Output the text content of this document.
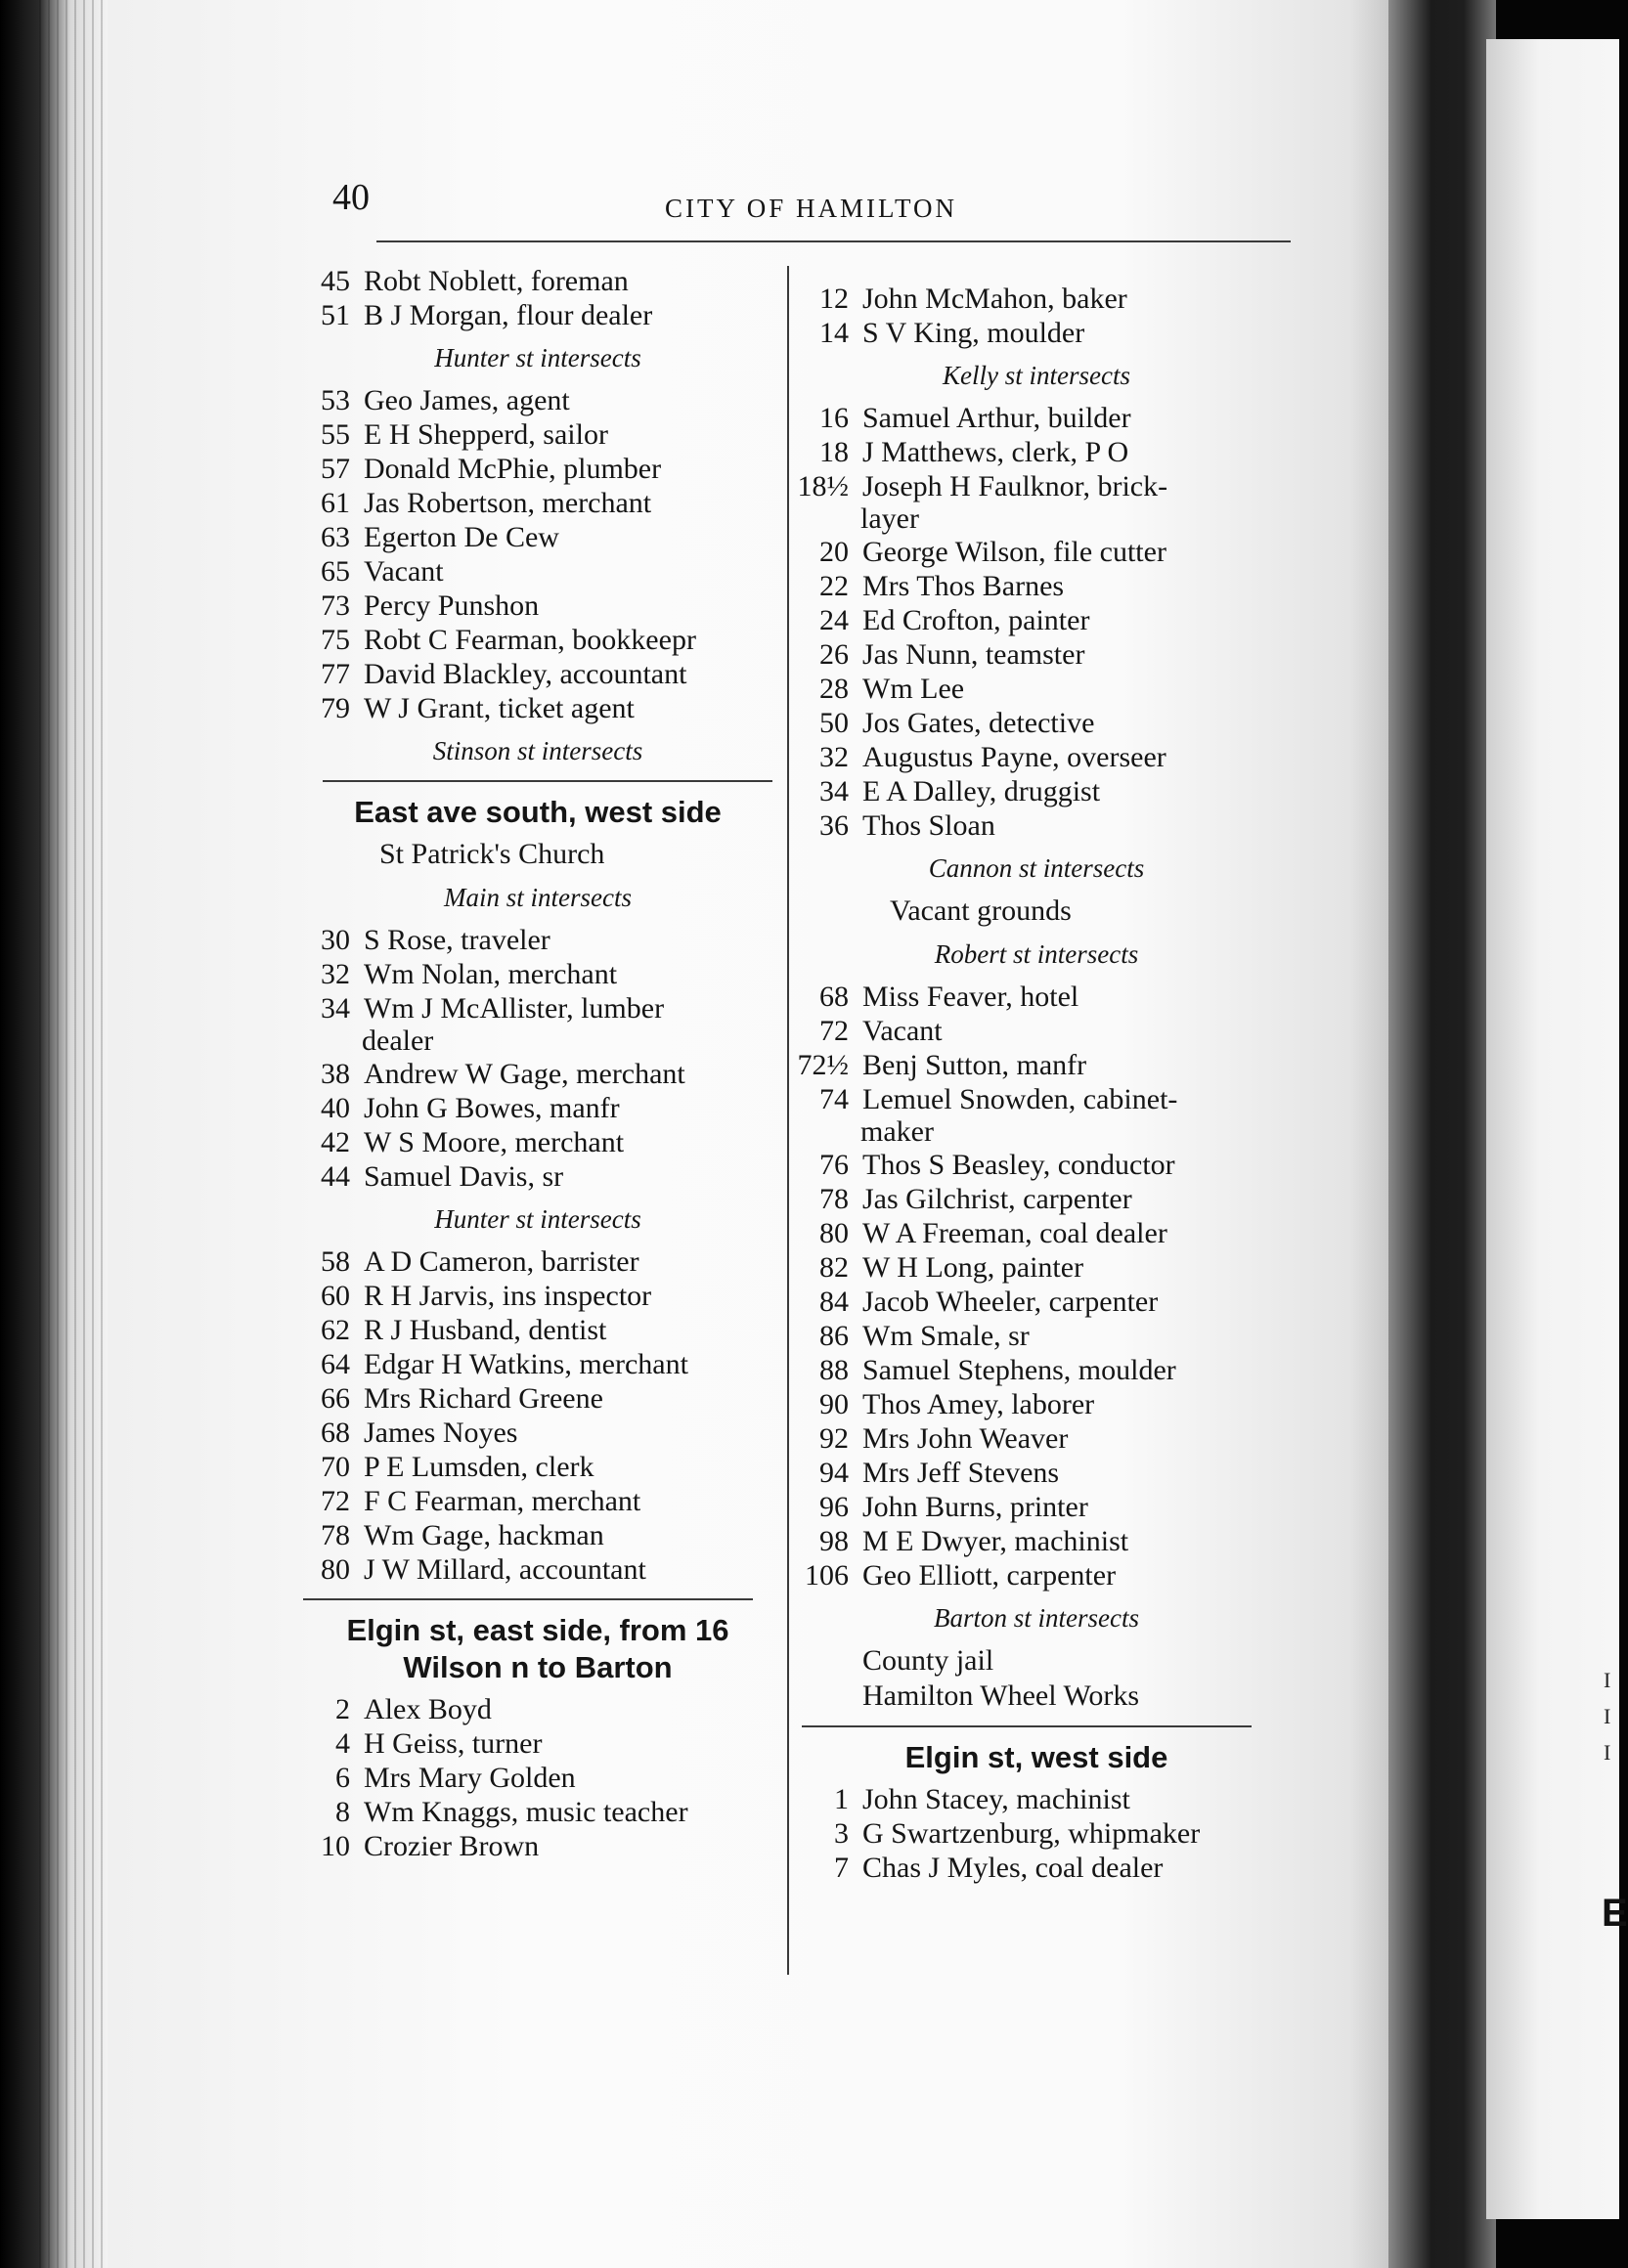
I
I
I
E
40	CITY OF HAMILTON
45 Robt Noblett, foreman
51 B J Morgan, flour dealer
Hunter st intersects
53 Geo James, agent
55 E H Shepperd, sailor
57 Donald McPhie, plumber
61 Jas Robertson, merchant
63 Egerton De Cew
65 Vacant
73 Percy Punshon
75 Robt C Fearman, bookkeepr
77 David Blackley, accountant
79 W J Grant, ticket agent
Stinson st intersects
East ave south, west side
St Patrick's Church
Main st intersects
30 S Rose, traveler
32 Wm Nolan, merchant
34 Wm J McAllister, lumber
dealer
38 Andrew W Gage, merchant
40 John G Bowes, manfr
42 W S Moore, merchant
44 Samuel Davis, sr
Hunter st intersects
58 A D Cameron, barrister
60 R H Jarvis, ins inspector
62 R J Husband, dentist
64 Edgar H Watkins, merchant
66 Mrs Richard Greene
68 James Noyes
70 P E Lumsden, clerk
72 F C Fearman, merchant
78 Wm Gage, hackman
80 J W Millard, accountant
Elgin st, east side, from 16
Wilson n to Barton
2 Alex Boyd
4 H Geiss, turner
6 Mrs Mary Golden
8 Wm Knaggs, music teacher
10 Crozier Brown
12 John McMahon, baker
14 S V King, moulder
Kelly st intersects
16 Samuel Arthur, builder
18 J Matthews, clerk, P O
18½ Joseph H Faulknor, brick-
layer
20 George Wilson, file cutter
22 Mrs Thos Barnes
24 Ed Crofton, painter
26 Jas Nunn, teamster
28 Wm Lee
50 Jos Gates, detective
32 Augustus Payne, overseer
34 E A Dalley, druggist
36 Thos Sloan
Cannon st intersects
Vacant grounds
Robert st intersects
68 Miss Feaver, hotel
72 Vacant
72½ Benj Sutton, manfr
74 Lemuel Snowden, cabinet-
maker
76 Thos S Beasley, conductor
78 Jas Gilchrist, carpenter
80 W A Freeman, coal dealer
82 W H Long, painter
84 Jacob Wheeler, carpenter
86 Wm Smale, sr
88 Samuel Stephens, moulder
90 Thos Amey, laborer
92 Mrs John Weaver
94 Mrs Jeff Stevens
96 John Burns, printer
98 M E Dwyer, machinist
106 Geo Elliott, carpenter
Barton st intersects
County jail
Hamilton Wheel Works
Elgin st, west side
1 John Stacey, machinist
3 G Swartzenburg, whipmaker
7 Chas J Myles, coal dealer
